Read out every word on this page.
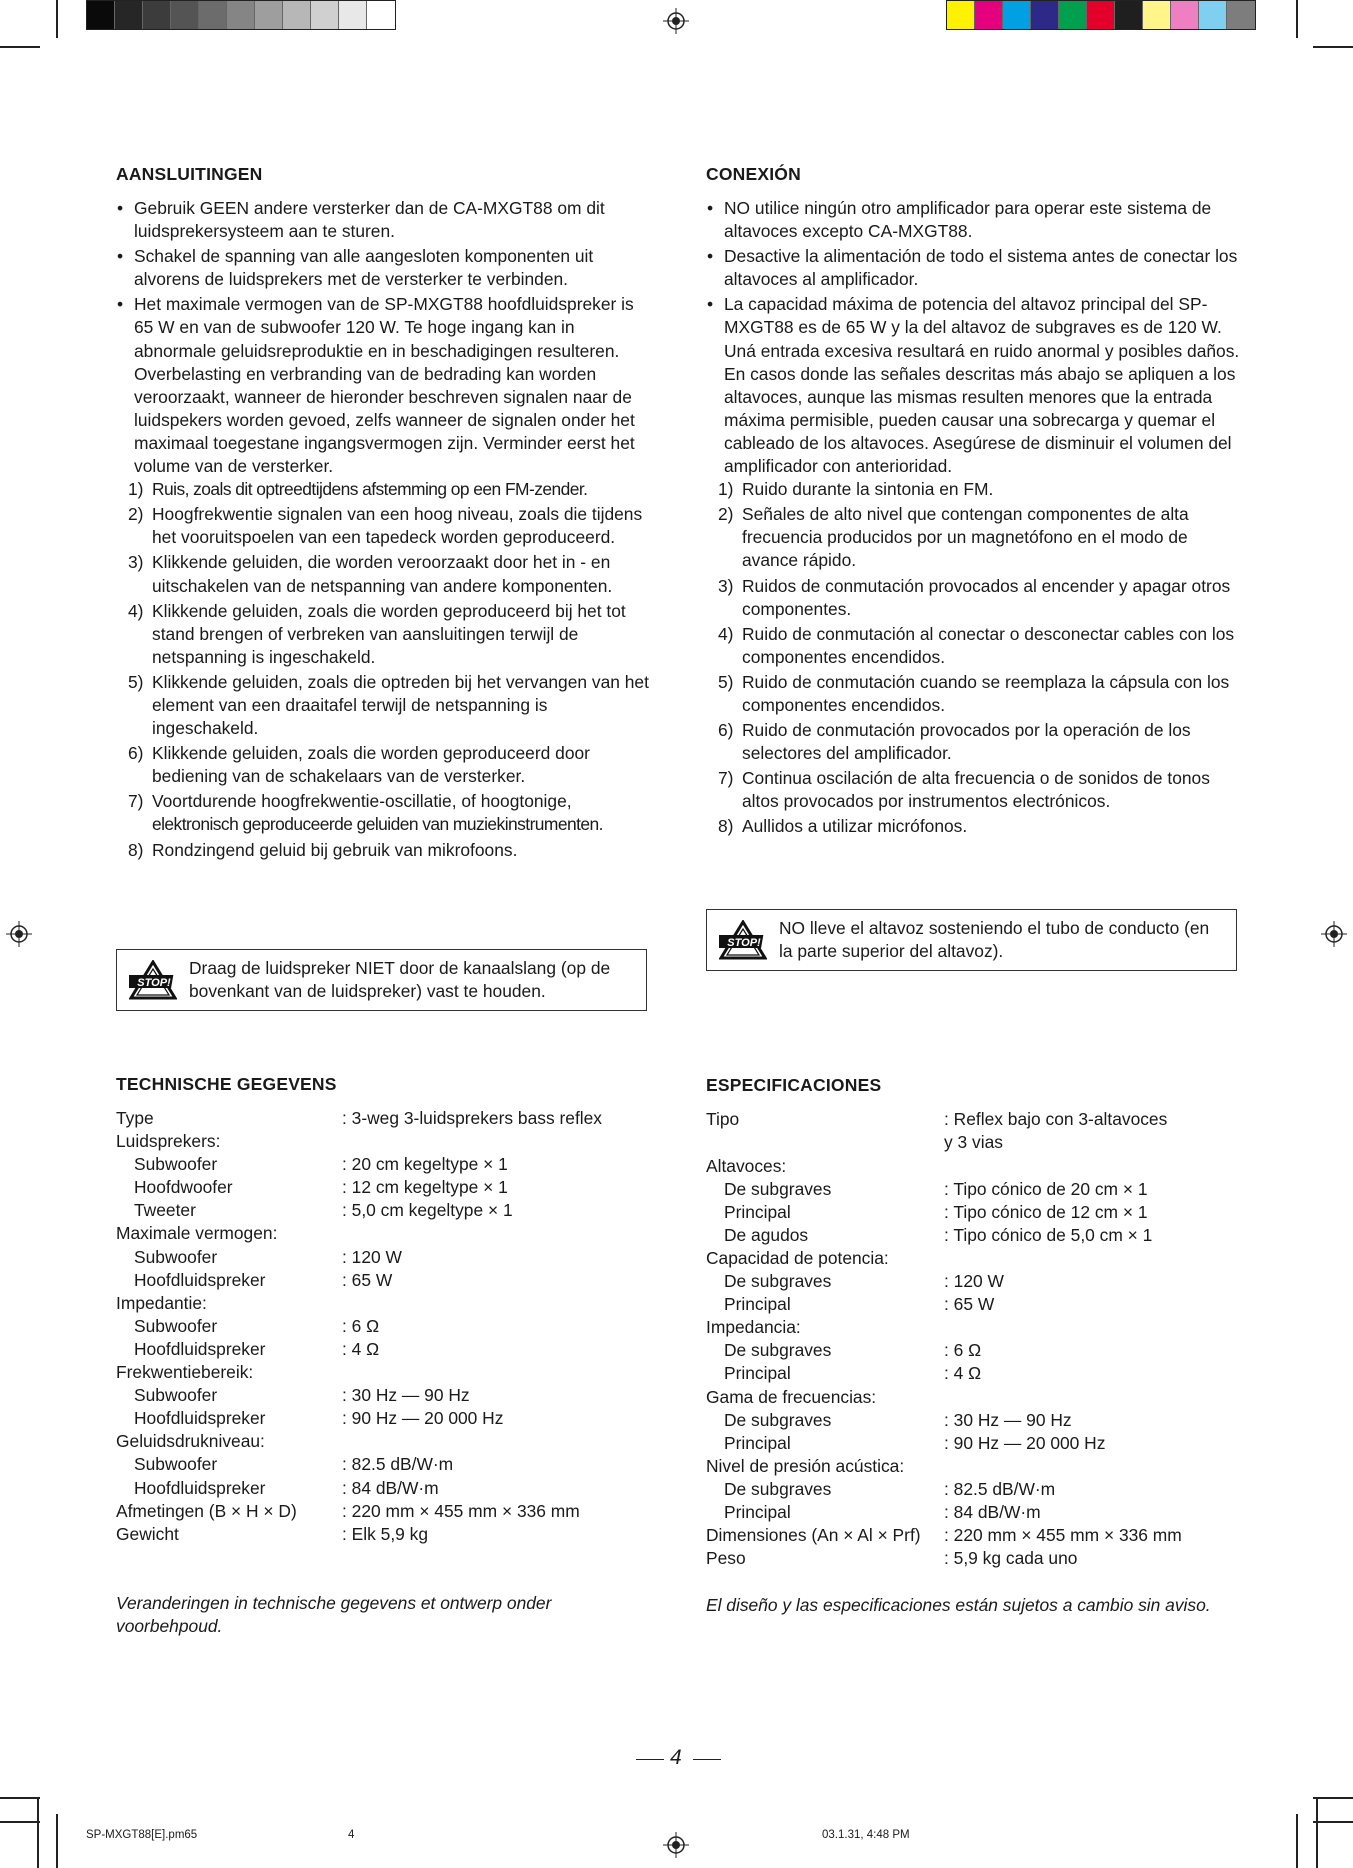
AANSLUITINGEN
• Gebruik GEEN andere versterker dan de CA-MXGT88 om dit luidsprekersysteem aan te sturen.
• Schakel de spanning van alle aangesloten komponenten uit alvorens de luidsprekers met de versterker te verbinden.
• Het maximale vermogen van de SP-MXGT88 hoofdluidspreker is 65 W en van de subwoofer 120 W. Te hoge ingang kan in abnormale geluidsreproduktie en in beschadigingen resulteren.
Overbelasting en verbranding van de bedrading kan worden veroorzaakt, wanneer de hieronder beschreven signalen naar de luidspekers worden gevoed, zelfs wanneer de signalen onder het maximaal toegestane ingangsvermogen zijn. Verminder eerst het volume van de versterker.
1) Ruis, zoals dit optreedtijdens afstemming op een FM-zender.
2) Hoogfrekwentie signalen van een hoog niveau, zoals die tijdens het vooruitspoelen van een tapedeck worden geproduceerd.
3) Klikkende geluiden, die worden veroorzaakt door het in - en uitschakelen van de netspanning van andere komponenten.
4) Klikkende geluiden, zoals die worden geproduceerd bij het tot stand brengen of verbreken van aansluitingen terwijl de netspanning is ingeschakeld.
5) Klikkende geluiden, zoals die optreden bij het vervangen van het element van een draaitafel terwijl de netspanning is ingeschakeld.
6) Klikkende geluiden, zoals die worden geproduceerd door bediening van de schakelaars van de versterker.
7) Voortdurende hoogfrekwentie-oscillatie, of hoogtonige,
elektronisch geproduceerde geluiden van muziekinstrumenten.
8) Rondzingend geluid bij gebruik van mikrofoons.
STOP!
Draag de luidspreker NIET door de kanaalslang (op de bovenkant van de luidspreker) vast te houden.
TECHNISCHE GEGEVENS
Type	: 3-weg 3-luidsprekers bass reflex
Luidsprekers:
Subwoofer	: 20 cm kegeltype × 1
Hoofdwoofer	: 12 cm kegeltype × 1
Tweeter	: 5,0 cm kegeltype × 1
Maximale vermogen:
Subwoofer	: 120 W
Hoofdluidspreker	: 65 W
Impedantie:
Subwoofer	: 6 Ω
Hoofdluidspreker	: 4 Ω
Frekwentiebereik:
Subwoofer	: 30 Hz — 90 Hz
Hoofdluidspreker	: 90 Hz — 20 000 Hz
Geluidsdrukniveau:
Subwoofer	: 82.5 dB/W·m
Hoofdluidspreker	: 84 dB/W·m
Afmetingen (B × H × D)	: 220 mm × 455 mm × 336 mm
Gewicht	: Elk 5,9 kg
Veranderingen in technische gegevens et ontwerp onder voorbehpoud.
CONEXIÓN
• NO utilice ningún otro amplificador para operar este sistema de altavoces excepto CA-MXGT88.
• Desactive la alimentación de todo el sistema antes de conectar los altavoces al amplificador.
• La capacidad máxima de potencia del altavoz principal del SP-MXGT88 es de 65 W y la del altavoz de subgraves es de 120 W. Uná entrada excesiva resultará en ruido anormal y posibles daños. En casos donde las señales descritas más abajo se apliquen a los altavoces, aunque las mismas resulten menores que la entrada máxima permisible, pueden causar una sobrecarga y quemar el cableado de los altavoces. Asegúrese de disminuir el volumen del amplificador con anterioridad.
1) Ruido durante la sintonia en FM.
2) Señales de alto nivel que contengan componentes de alta frecuencia producidos por un magnetófono en el modo de avance rápido.
3) Ruidos de conmutación provocados al encender y apagar otros componentes.
4) Ruido de conmutación al conectar o desconectar cables con los componentes encendidos.
5) Ruido de conmutación cuando se reemplaza la cápsula con los componentes encendidos.
6) Ruido de conmutación provocados por la operación de los selectores del amplificador.
7) Continua oscilación de alta frecuencia o de sonidos de tonos altos provocados por instrumentos electrónicos.
8) Aullidos a utilizar micrófonos.
STOP!
NO lleve el altavoz sosteniendo el tubo de conducto (en la parte superior del altavoz).
ESPECIFICACIONES
Tipo	: Reflex bajo con 3-altavoces
y 3 vias
Altavoces:
De subgraves	: Tipo cónico de 20 cm × 1
Principal	: Tipo cónico de 12 cm × 1
De agudos	: Tipo cónico de 5,0 cm × 1
Capacidad de potencia:
De subgraves	: 120 W
Principal	: 65 W
Impedancia:
De subgraves	: 6 Ω
Principal	: 4 Ω
Gama de frecuencias:
De subgraves	: 30 Hz — 90 Hz
Principal	: 90 Hz — 20 000 Hz
Nivel de presión acústica:
De subgraves	: 82.5 dB/W·m
Principal	: 84 dB/W·m
Dimensiones (An × Al × Prf) : 220 mm × 455 mm × 336 mm
Peso	: 5,9 kg cada uno
El diseño y las especificaciones están sujetos a cambio sin aviso.
4
SP-MXGT88[E].pm65	4	03.1.31, 4:48 PM
